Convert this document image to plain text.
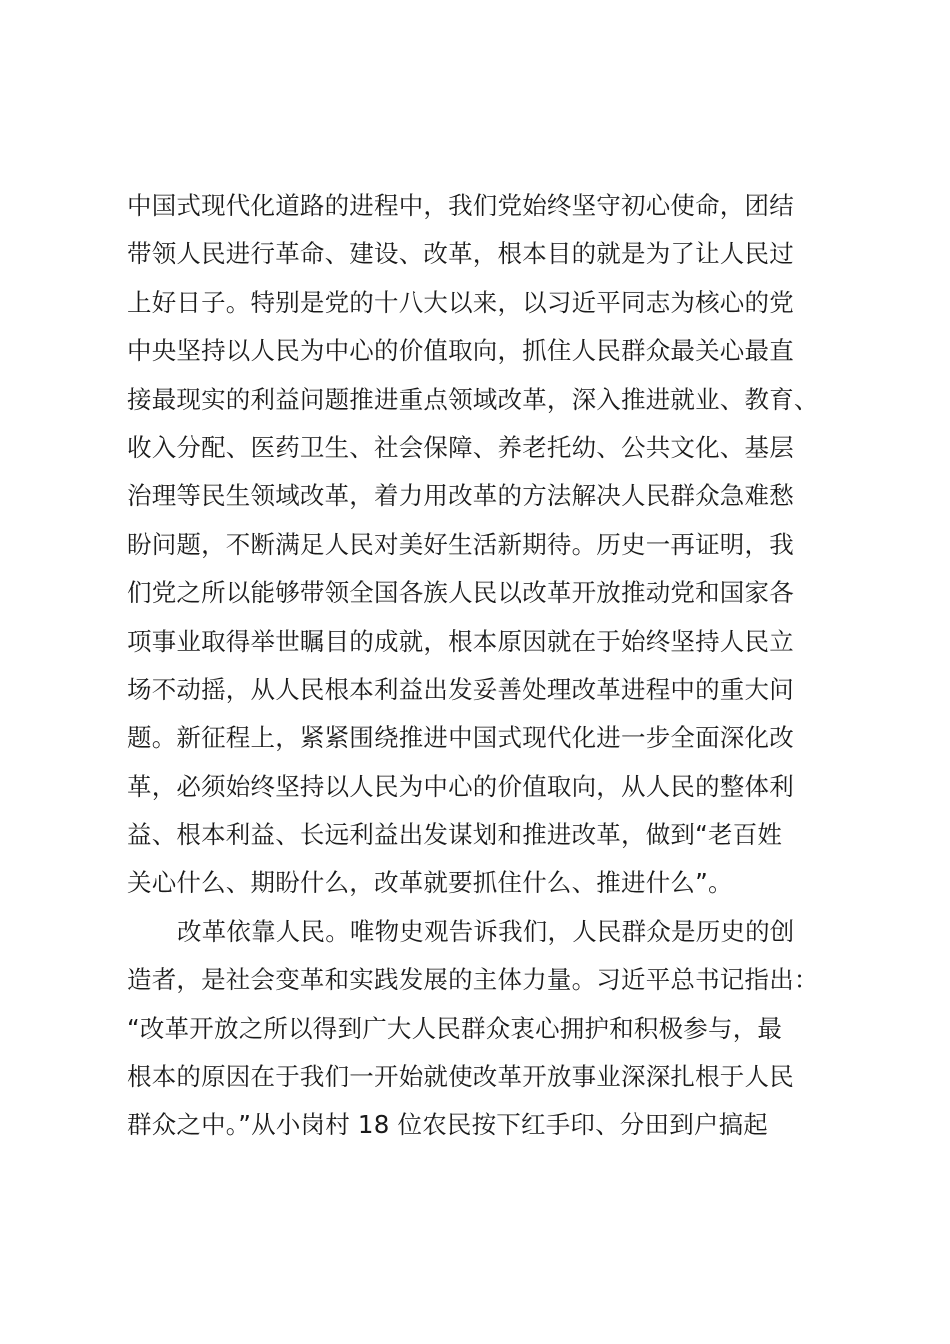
中国式现代化道路的进程中，我们党始终坚守初心使命，团结
带领人民进行革命、建设、改革，根本目的就是为了让人民过
上好日子。特别是党的十八大以来，以习近平同志为核心的党
中央坚持以人民为中心的价值取向，抓住人民群众最关心最直
接最现实的利益问题推进重点领域改革，深入推进就业、教育、
收入分配、医药卫生、社会保障、养老托幼、公共文化、基层
治理等民生领域改革，着力用改革的方法解决人民群众急难愁
盼问题，不断满足人民对美好生活新期待。历史一再证明，我
们党之所以能够带领全国各族人民以改革开放推动党和国家各
项事业取得举世瞩目的成就，根本原因就在于始终坚持人民立
场不动摇，从人民根本利益出发妥善处理改革进程中的重大问
题。新征程上，紧紧围绕推进中国式现代化进一步全面深化改
革，必须始终坚持以人民为中心的价值取向，从人民的整体利
益、根本利益、长远利益出发谋划和推进改革，做到“老百姓
关心什么、期盼什么，改革就要抓住什么、推进什么”。
改革依靠人民。唯物史观告诉我们，人民群众是历史的创
造者，是社会变革和实践发展的主体力量。习近平总书记指出：
“改革开放之所以得到广大人民群众衷心拥护和积极参与，最
根本的原因在于我们一开始就使改革开放事业深深扎根于人民
群众之中。”从小岗村 18 位农民按下红手印、分田到户搞起
